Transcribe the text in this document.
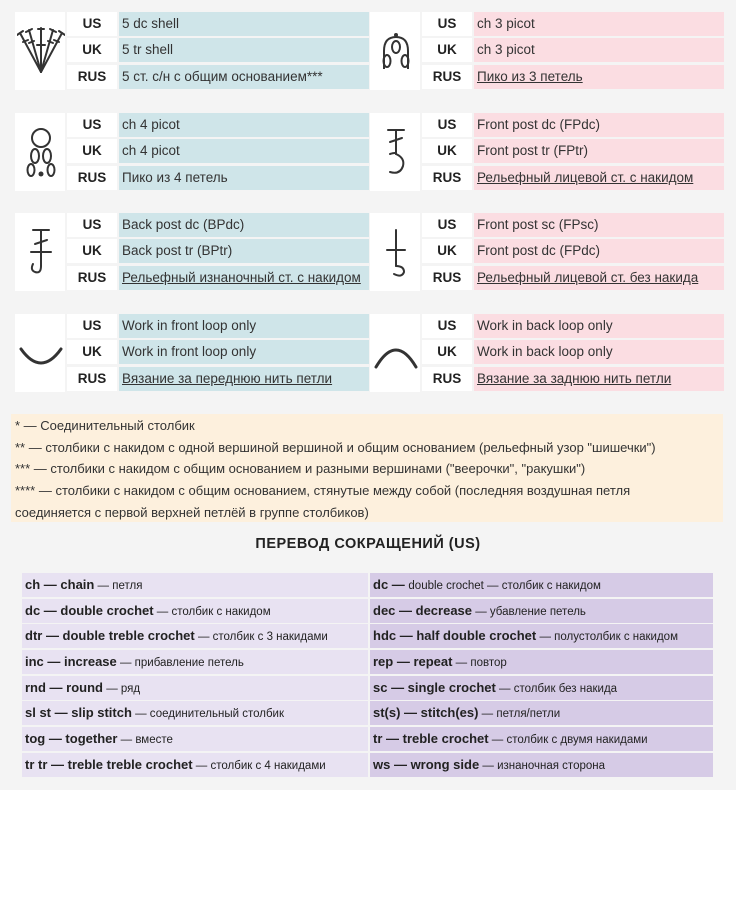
US	5 dc shell
UK	5 tr shell
RUS	5 ст. с/н с общим основанием***
US	ch 3 picot
UK	ch 3 picot
RUS	Пико из 3 петель
US	ch 4 picot
UK	ch 4 picot
RUS	Пико из 4 петель
US	Front post dc (FPdc)
UK	Front post tr (FPtr)
RUS	Рельефный лицевой ст. с накидом
US	Back post dc (BPdc)
UK	Back post tr (BPtr)
RUS	Рельефный изнаночный ст. с накидом
US	Front post sc (FPsc)
UK	Front post dc (FPdc)
RUS	Рельефный лицевой ст. без накида
US	Work in front loop only
UK	Work in front loop only
RUS	Вязание за переднюю нить петли
US	Work in back loop only
UK	Work in back loop only
RUS	Вязание за заднюю нить петли
* — Соединительный столбик
** — столбики с накидом с одной вершиной вершиной и общим основанием (рельефный узор "шишечки")
*** — столбики с накидом с общим основанием и разными вершинами ("веерочки", "ракушки")
**** — столбики с накидом с общим основанием, стянутые между собой (последняя воздушная петля
соединяется с первой верхней петлёй в группе столбиков)
ПЕРЕВОД СОКРАЩЕНИЙ (US)
ch — chain — петля
dc — double crochet — столбик с накидом
dtr — double treble crochet — столбик с 3 накидами
inc — increase — прибавление петель
rnd — round — ряд
sl st — slip stitch — соединительный столбик
tog — together — вместе
tr tr — treble treble crochet — столбик с 4 накидами
dc — double crochet — столбик с накидом
dec — decrease — убавление петель
hdc — half double crochet — полустолбик с накидом
rep — repeat — повтор
sc — single crochet — столбик без накида
st(s) — stitch(es) — петля/петли
tr — treble crochet — столбик с двумя накидами
ws — wrong side — изнаночная сторона
